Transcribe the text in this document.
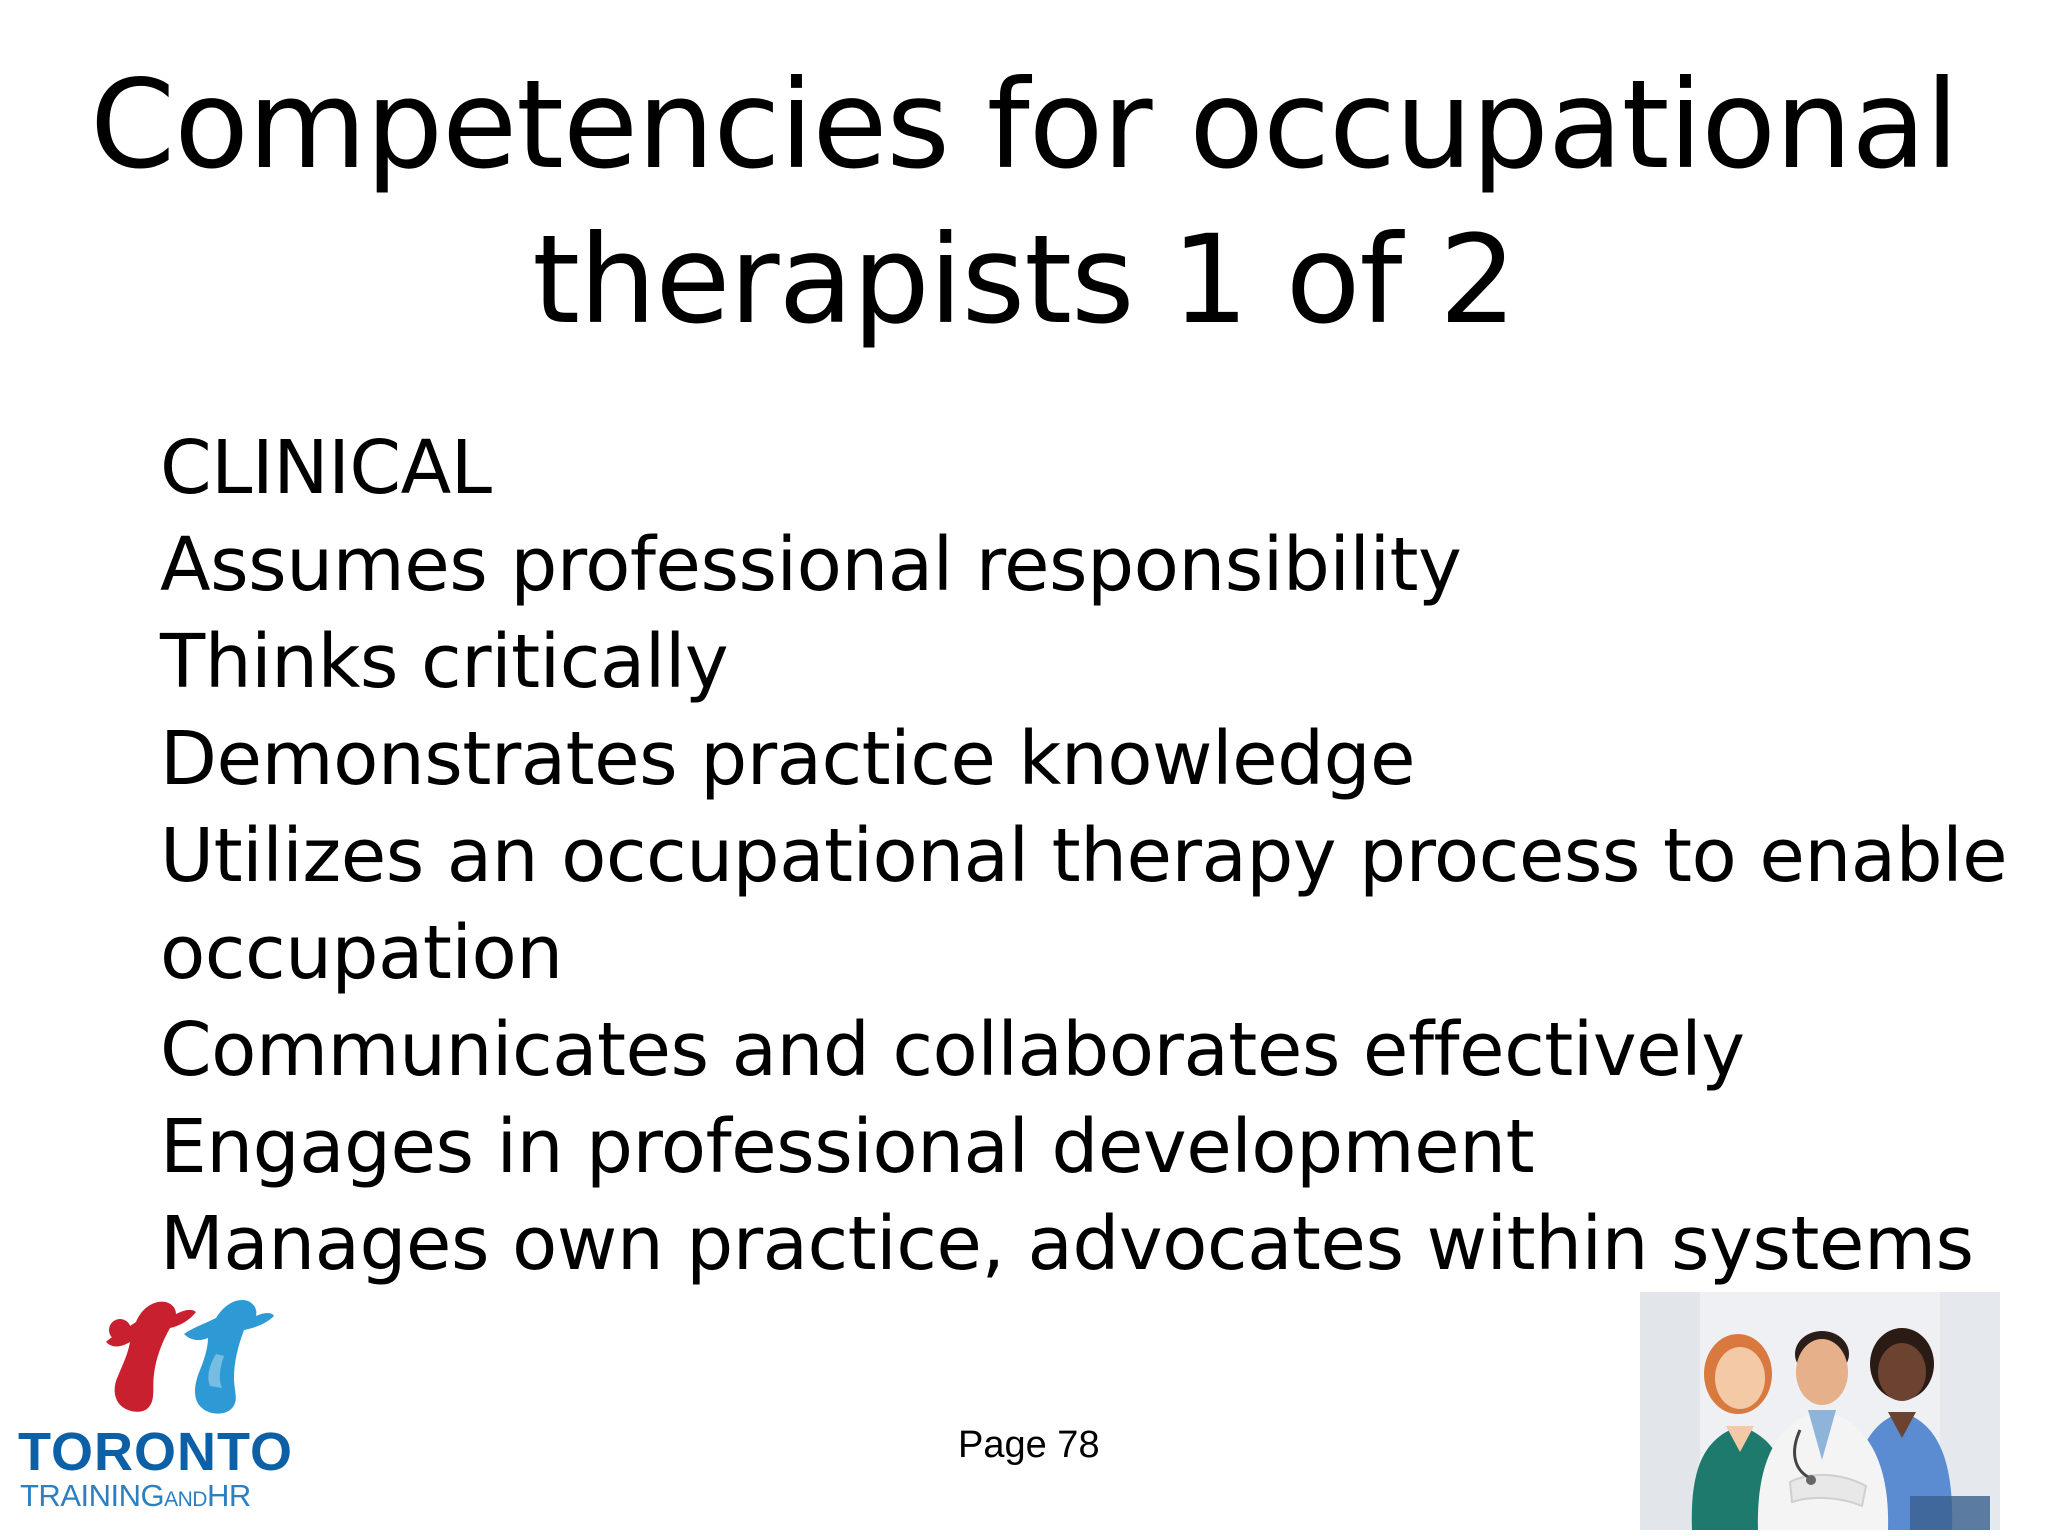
Competencies for occupational
therapists 1 of 2
CLINICAL
Assumes professional responsibility
Thinks critically
Demonstrates practice knowledge
Utilizes an occupational therapy process to enable
occupation
Communicates and collaborates effectively
Engages in professional development
Manages own practice, advocates within systems
TORONTO
TRAININGANDHR
Page 78
